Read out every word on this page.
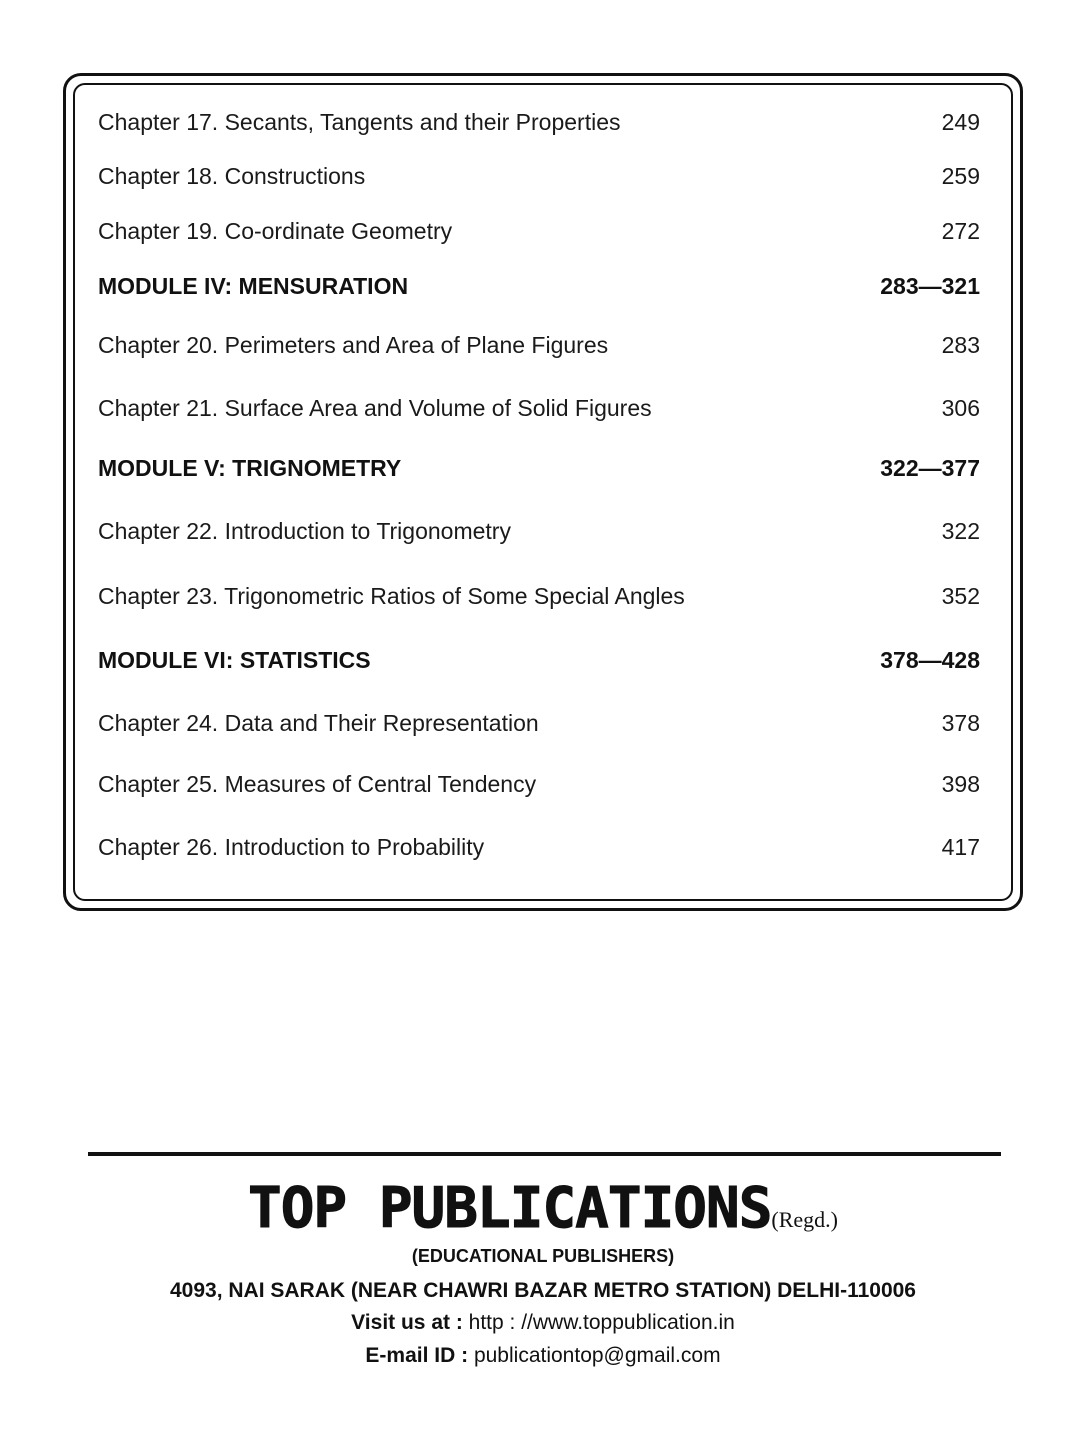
Chapter 17. Secants, Tangents and their Properties	249
Chapter 18. Constructions	259
Chapter 19. Co-ordinate Geometry	272
MODULE IV: MENSURATION	283—321
Chapter 20. Perimeters and Area of Plane Figures	283
Chapter 21. Surface Area and Volume of Solid Figures	306
MODULE V: TRIGNOMETRY	322—377
Chapter 22. Introduction to Trigonometry	322
Chapter 23. Trigonometric Ratios of Some Special Angles	352
MODULE VI: STATISTICS	378—428
Chapter 24. Data and Their Representation	378
Chapter 25. Measures of Central Tendency	398
Chapter 26. Introduction to Probability	417
TOP PUBLICATIONS(Regd.)
(EDUCATIONAL PUBLISHERS)
4093, NAI SARAK (NEAR CHAWRI BAZAR METRO STATION) DELHI-110006
Visit us at : http : //www.toppublication.in
E-mail ID : publicationtop@gmail.com
